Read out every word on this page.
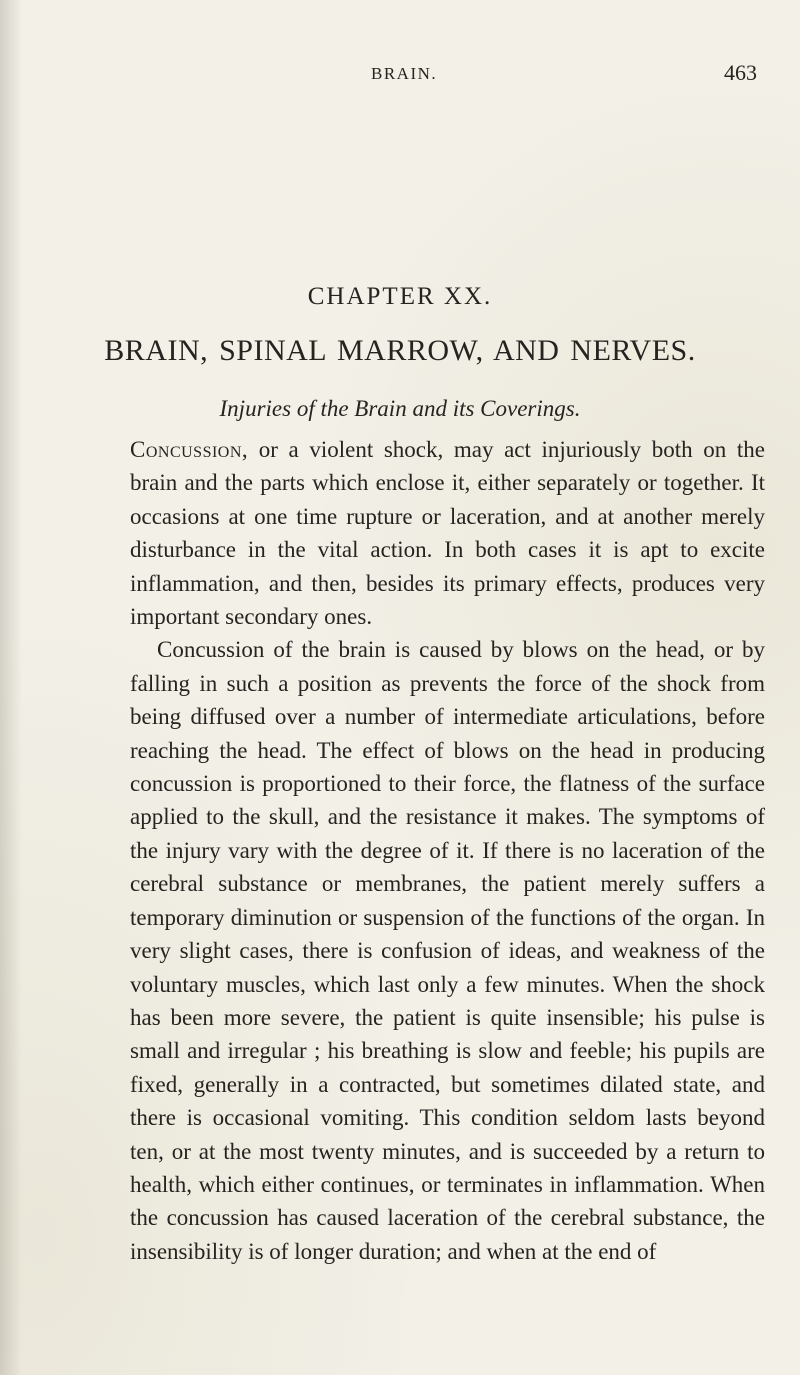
BRAIN.	463
CHAPTER XX.
BRAIN, SPINAL MARROW, AND NERVES.
Injuries of the Brain and its Coverings.

Concussion, or a violent shock, may act injuriously both on the brain and the parts which enclose it, either separately or together. It occasions at one time rupture or laceration, and at another merely disturbance in the vital action. In both cases it is apt to excite inflammation, and then, besides its primary effects, produces very important secondary ones.

Concussion of the brain is caused by blows on the head, or by falling in such a position as prevents the force of the shock from being diffused over a number of intermediate articulations, before reaching the head. The effect of blows on the head in producing concussion is proportioned to their force, the flatness of the surface applied to the skull, and the resistance it makes. The symptoms of the injury vary with the degree of it. If there is no laceration of the cerebral substance or membranes, the patient merely suffers a temporary diminution or suspension of the functions of the organ. In very slight cases, there is confusion of ideas, and weakness of the voluntary muscles, which last only a few minutes. When the shock has been more severe, the patient is quite insensible; his pulse is small and irregular ; his breathing is slow and feeble; his pupils are fixed, generally in a contracted, but sometimes dilated state, and there is occasional vomiting. This condition seldom lasts beyond ten, or at the most twenty minutes, and is succeeded by a return to health, which either continues, or terminates in inflammation. When the concussion has caused laceration of the cerebral substance, the insensibility is of longer duration; and when at the end of
